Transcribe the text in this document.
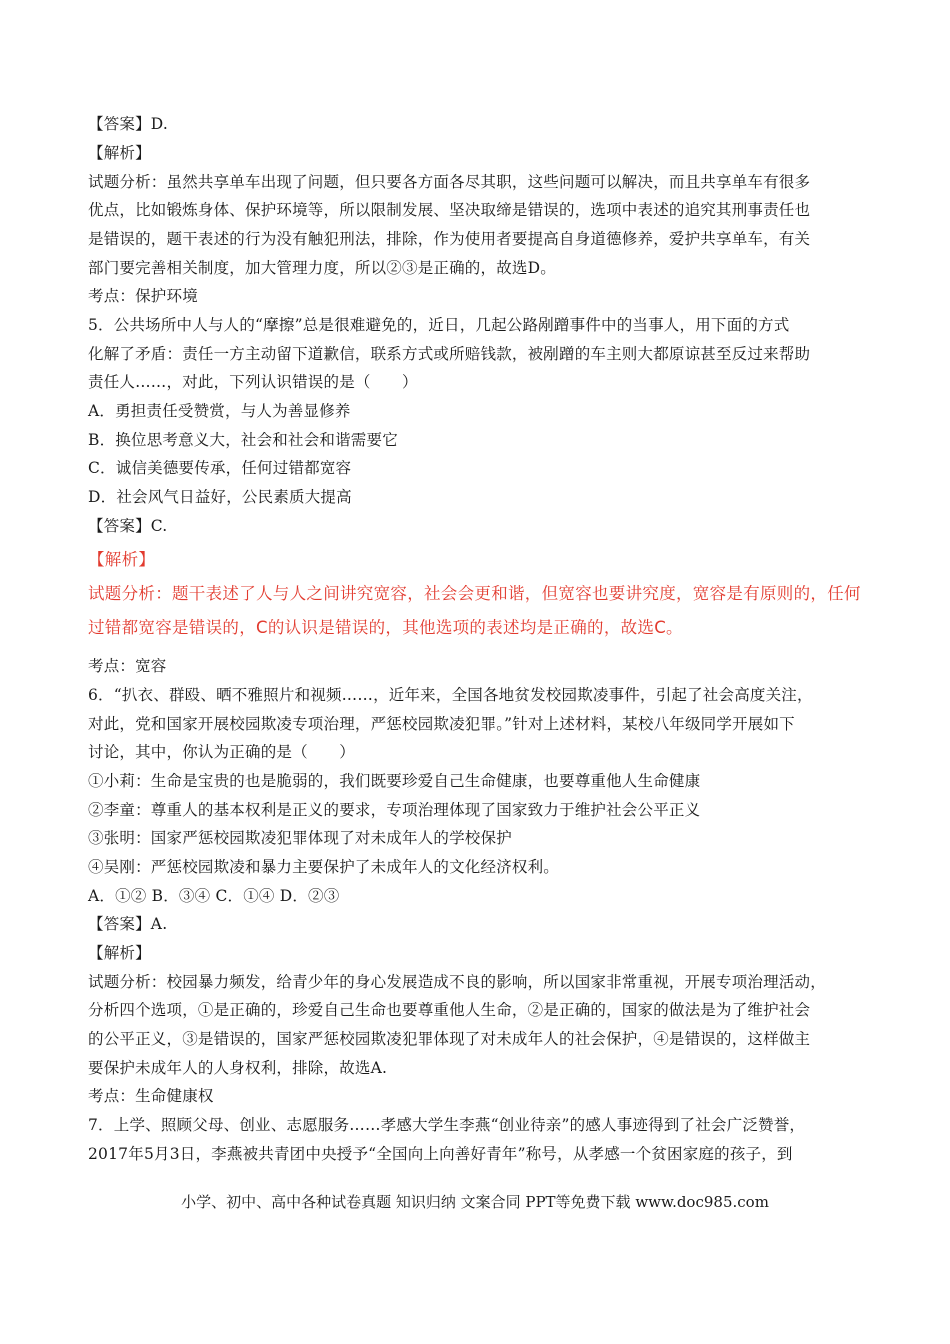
【答案】D.
【解析】
试题分析：虽然共享单车出现了问题，但只要各方面各尽其职，这些问题可以解决，而且共享单车有很多
优点，比如锻炼身体、保护环境等，所以限制发展、坚决取缔是错误的，选项中表述的追究其刑事责任也
是错误的，题干表述的行为没有触犯刑法，排除，作为使用者要提高自身道德修养，爱护共享单车，有关
部门要完善相关制度，加大管理力度，所以②③是正确的，故选D。
考点：保护环境
5．公共场所中人与人的“摩擦”总是很难避免的，近日，几起公路剐蹭事件中的当事人，用下面的方式
化解了矛盾：责任一方主动留下道歉信，联系方式或所赔钱款，被剐蹭的车主则大都原谅甚至反过来帮助
责任人……，对此，下列认识错误的是（　　）
A．勇担责任受赞赏，与人为善显修养
B．换位思考意义大，社会和社会和谐需要它
C．诚信美德要传承，任何过错都宽容
D．社会风气日益好，公民素质大提高
【答案】C.
【解析】
试题分析：题干表述了人与人之间讲究宽容，社会会更和谐，但宽容也要讲究度，宽容是有原则的，任何
过错都宽容是错误的，C的认识是错误的，其他选项的表述均是正确的，故选C。
考点：宽容
6．“扒衣、群殴、晒不雅照片和视频……，近年来，全国各地贫发校园欺凌事件，引起了社会高度关注，
对此，党和国家开展校园欺凌专项治理，严惩校园欺凌犯罪。”针对上述材料，某校八年级同学开展如下
讨论，其中，你认为正确的是（　　）
①小莉：生命是宝贵的也是脆弱的，我们既要珍爱自己生命健康，也要尊重他人生命健康
②李童：尊重人的基本权利是正义的要求，专项治理体现了国家致力于维护社会公平正义
③张明：国家严惩校园欺凌犯罪体现了对未成年人的学校保护
④吴刚：严惩校园欺凌和暴力主要保护了未成年人的文化经济权利。
A．①② B．③④ C．①④ D．②③
【答案】A.
【解析】
试题分析：校园暴力频发，给青少年的身心发展造成不良的影响，所以国家非常重视，开展专项治理活动，
分析四个选项，①是正确的，珍爱自己生命也要尊重他人生命，②是正确的，国家的做法是为了维护社会
的公平正义，③是错误的，国家严惩校园欺凌犯罪体现了对未成年人的社会保护，④是错误的，这样做主
要保护未成年人的人身权利，排除，故选A.
考点：生命健康权
7．上学、照顾父母、创业、志愿服务……孝感大学生李燕“创业待亲”的感人事迹得到了社会广泛赞誉，
2017年5月3日，李燕被共青团中央授予“全国向上向善好青年”称号，从孝感一个贫困家庭的孩子，到
小学、初中、高中各种试卷真题 知识归纳 文案合同 PPT等免费下载 www.doc985.com
